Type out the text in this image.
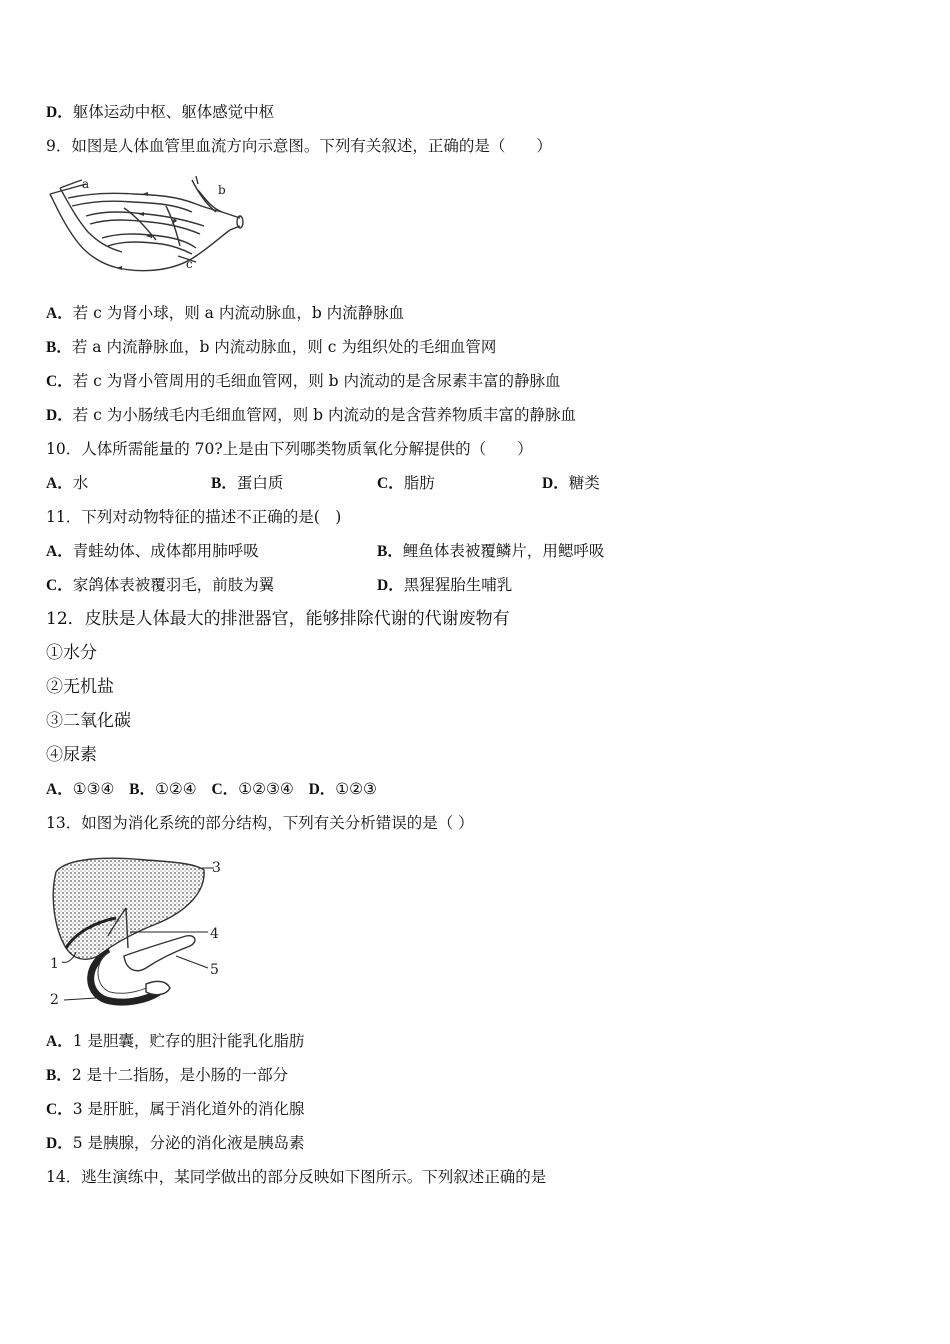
D．躯体运动中枢、躯体感觉中枢
9．如图是人体血管里血流方向示意图。下列有关叙述，正确的是（　　）
a	b
c
A．若 c 为肾小球，则 a 内流动脉血，b 内流静脉血
B．若 a 内流静脉血，b 内流动脉血，则 c 为组织处的毛细血管网
C．若 c 为肾小管周用的毛细血管网，则 b 内流动的是含尿素丰富的静脉血
D．若 c 为小肠绒毛内毛细血管网，则 b 内流动的是含营养物质丰富的静脉血
10．人体所需能量的 70?上是由下列哪类物质氧化分解提供的（　　）
A．水	B．蛋白质	C．脂肪	D．糖类
11．下列对动物特征的描述不正确的是(　)
A．青蛙幼体、成体都用肺呼吸	B．鲤鱼体表被覆鳞片，用鳃呼吸
C．家鸽体表被覆羽毛，前肢为翼	D．黑猩猩胎生哺乳
12．皮肤是人体最大的排泄器官，能够排除代谢的代谢废物有
①水分
②无机盐
③二氧化碳
④尿素
A．①③④ B．①②④ C．①②③④ D．①②③
13．如图为消化系统的部分结构，下列有关分析错误的是（ ）
3
4
5
1
2
A．1 是胆囊，贮存的胆汁能乳化脂肪
B．2 是十二指肠，是小肠的一部分
C．3 是肝脏，属于消化道外的消化腺
D．5 是胰腺，分泌的消化液是胰岛素
14．逃生演练中，某同学做出的部分反映如下图所示。下列叙述正确的是
